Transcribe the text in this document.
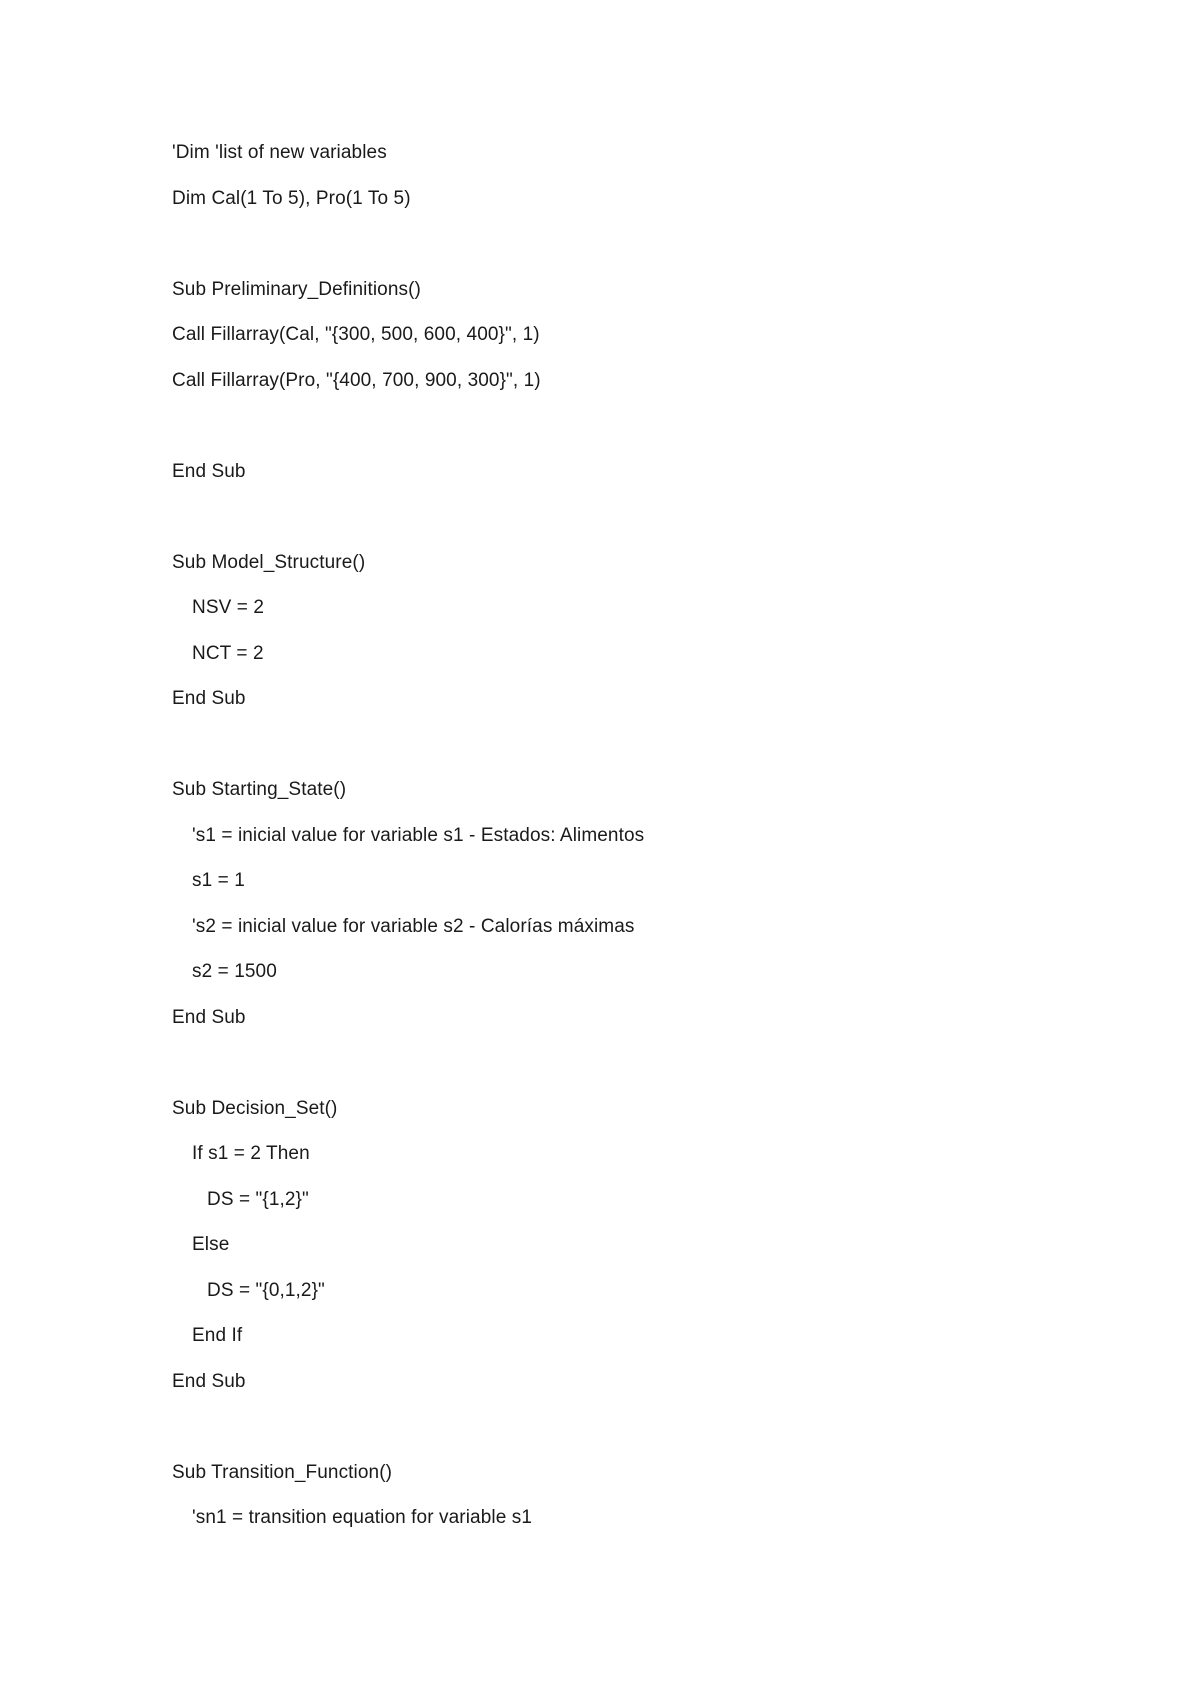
'Dim 'list of new variables
Dim Cal(1 To 5), Pro(1 To 5)
Sub Preliminary_Definitions()
Call Fillarray(Cal, "{300, 500, 600, 400}", 1)
Call Fillarray(Pro, "{400, 700, 900, 300}", 1)
End Sub
Sub Model_Structure()
NSV = 2
NCT = 2
End Sub
Sub Starting_State()
's1 = inicial value for variable s1 - Estados: Alimentos
s1 = 1
's2 = inicial value for variable s2 - Calorías máximas
s2 = 1500
End Sub
Sub Decision_Set()
If s1 = 2 Then
DS = "{1,2}"
Else
DS = "{0,1,2}"
End If
End Sub
Sub Transition_Function()
'sn1 = transition equation for variable s1
